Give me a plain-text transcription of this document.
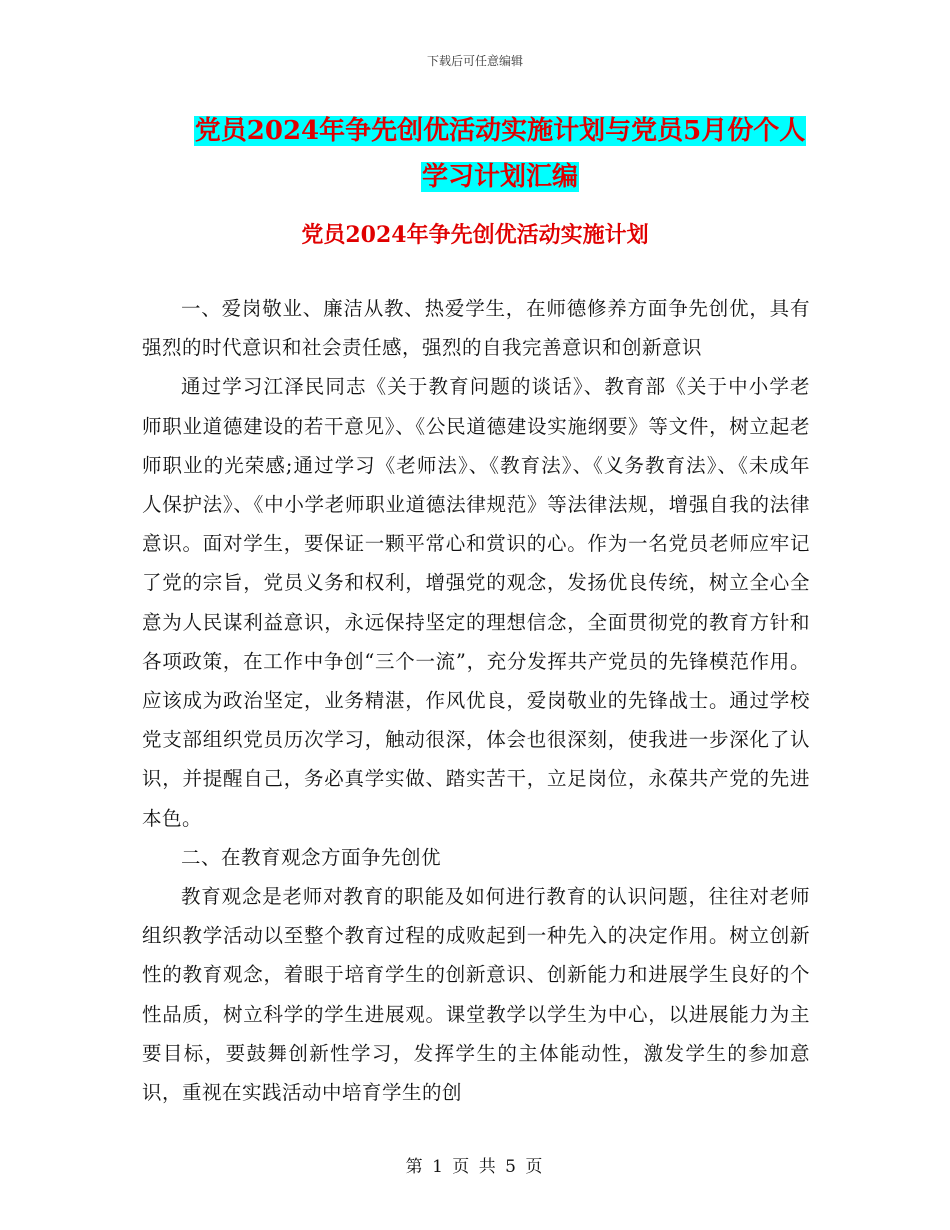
下载后可任意编辑
党员2024年争先创优活动实施计划与党员5月份个人
学习计划汇编
党员2024年争先创优活动实施计划

一、爱岗敬业、廉洁从教、热爱学生，在师德修养方面争先创优，具有强烈的时代意识和社会责任感，强烈的自我完善意识和创新意识

通过学习江泽民同志《关于教育问题的谈话》、教育部《关于中小学老师职业道德建设的若干意见》、《公民道德建设实施纲要》等文件，树立起老师职业的光荣感;通过学习《老师法》、《教育法》、《义务教育法》、《未成年人保护法》、《中小学老师职业道德法律规范》等法律法规，增强自我的法律意识。面对学生，要保证一颗平常心和赏识的心。作为一名党员老师应牢记了党的宗旨，党员义务和权利，增强党的观念，发扬优良传统，树立全心全意为人民谋利益意识，永远保持坚定的理想信念，全面贯彻党的教育方针和各项政策，在工作中争创“三个一流”，充分发挥共产党员的先锋模范作用。应该成为政治坚定，业务精湛，作风优良，爱岗敬业的先锋战士。通过学校党支部组织党员历次学习，触动很深，体会也很深刻，使我进一步深化了认识，并提醒自己，务必真学实做、踏实苦干，立足岗位，永葆共产党的先进本色。

二、在教育观念方面争先创优

教育观念是老师对教育的职能及如何进行教育的认识问题，往往对老师组织教学活动以至整个教育过程的成败起到一种先入的决定作用。树立创新性的教育观念，着眼于培育学生的创新意识、创新能力和进展学生良好的个性品质，树立科学的学生进展观。课堂教学以学生为中心，以进展能力为主要目标，要鼓舞创新性学习，发挥学生的主体能动性，激发学生的参加意识，重视在实践活动中培育学生的创

第 1 页 共 5 页
